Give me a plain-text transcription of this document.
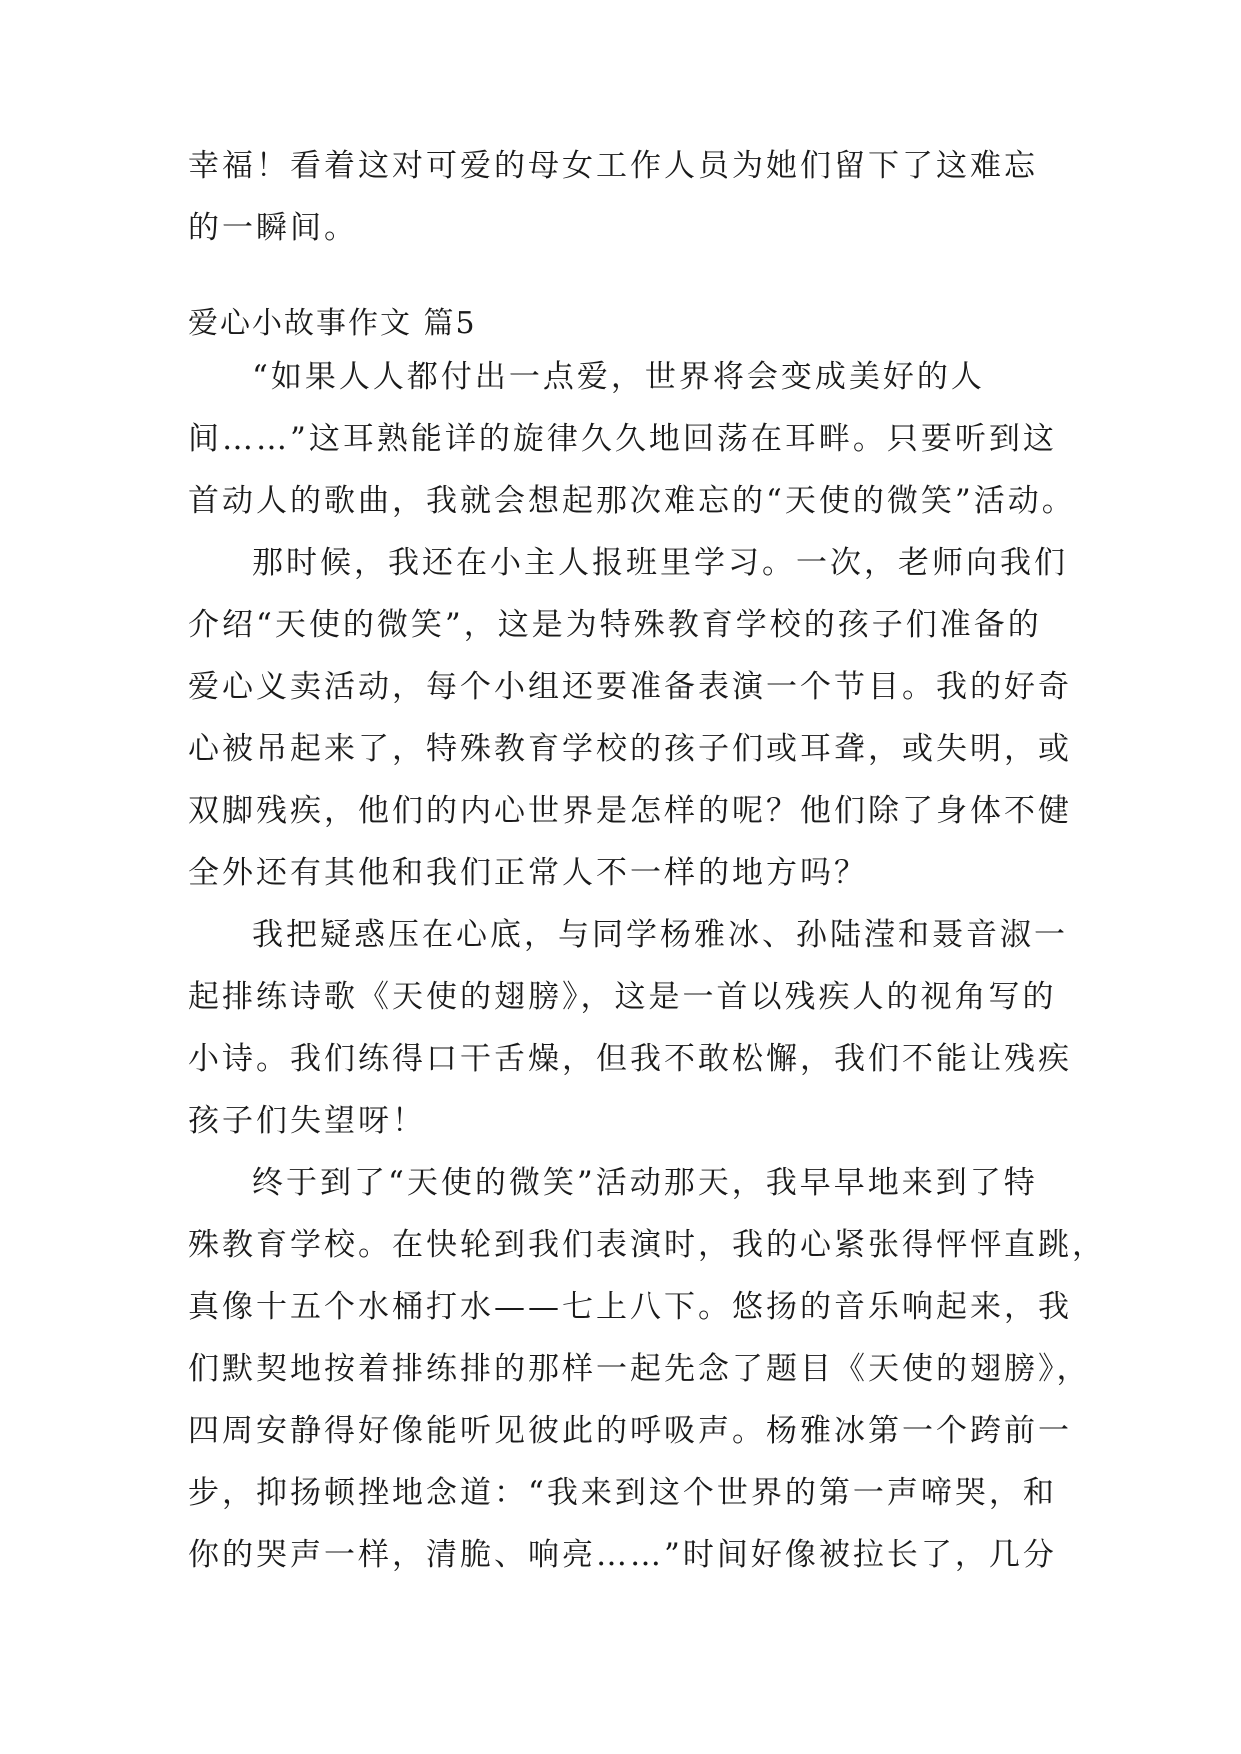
幸福！看着这对可爱的母女工作人员为她们留下了这难忘
的一瞬间。
爱心小故事作文 篇5
“如果人人都付出一点爱，世界将会变成美好的人
间……”这耳熟能详的旋律久久地回荡在耳畔。只要听到这
首动人的歌曲，我就会想起那次难忘的“天使的微笑”活动。
那时候，我还在小主人报班里学习。一次，老师向我们
介绍“天使的微笑”，这是为特殊教育学校的孩子们准备的
爱心义卖活动，每个小组还要准备表演一个节目。我的好奇
心被吊起来了，特殊教育学校的孩子们或耳聋，或失明，或
双脚残疾，他们的内心世界是怎样的呢？他们除了身体不健
全外还有其他和我们正常人不一样的地方吗？
我把疑惑压在心底，与同学杨雅冰、孙陆滢和聂音淑一
起排练诗歌《天使的翅膀》，这是一首以残疾人的视角写的
小诗。我们练得口干舌燥，但我不敢松懈，我们不能让残疾
孩子们失望呀！
终于到了“天使的微笑”活动那天，我早早地来到了特
殊教育学校。在快轮到我们表演时，我的心紧张得怦怦直跳，
真像十五个水桶打水——七上八下。悠扬的音乐响起来，我
们默契地按着排练排的那样一起先念了题目《天使的翅膀》，
四周安静得好像能听见彼此的呼吸声。杨雅冰第一个跨前一
步，抑扬顿挫地念道：“我来到这个世界的第一声啼哭，和
你的哭声一样，清脆、响亮……”时间好像被拉长了，几分
